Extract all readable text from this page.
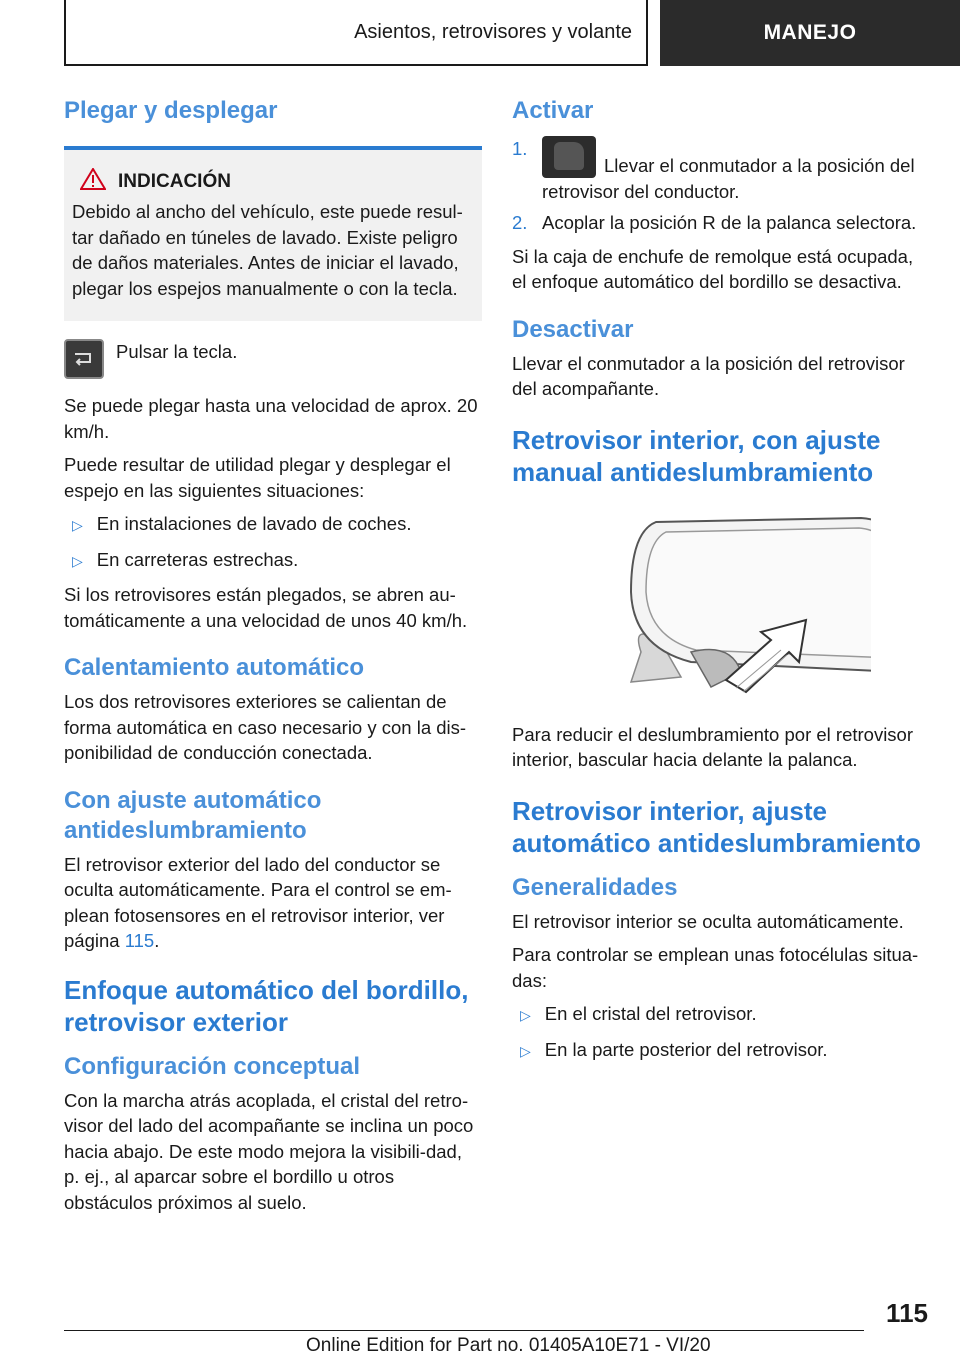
Asientos, retrovisores y volante	MANEJO
Plegar y desplegar
INDICACIÓN

Debido al ancho del vehículo, este puede resul-tar dañado en túneles de lavado. Existe peligro de daños materiales. Antes de iniciar el lavado, plegar los espejos manualmente o con la tecla.

Pulsar la tecla.

Se puede plegar hasta una velocidad de aprox. 20 km/h.

Puede resultar de utilidad plegar y desplegar el espejo en las siguientes situaciones:

▷ En instalaciones de lavado de coches.
▷ En carreteras estrechas.

Si los retrovisores están plegados, se abren au-tomáticamente a una velocidad de unos 40 km/h.

Calentamiento automático

Los dos retrovisores exteriores se calientan de forma automática en caso necesario y con la dis-ponibilidad de conducción conectada.

Con ajuste automático antideslumbramiento

El retrovisor exterior del lado del conductor se oculta automáticamente. Para el control se em-plean fotosensores en el retrovisor interior, ver página 115.

Enfoque automático del bordillo, retrovisor exterior
Configuración conceptual

Con la marcha atrás acoplada, el cristal del retro-visor del lado del acompañante se inclina un poco hacia abajo. De este modo mejora la visibili-dad, p. ej., al aparcar sobre el bordillo u otros obstáculos próximos al suelo.

Activar
1.
Llevar el conmutador a la posición del retrovisor del conductor.
2. Acoplar la posición R de la palanca selectora.

Si la caja de enchufe de remolque está ocupada, el enfoque automático del bordillo se desactiva.

Desactivar

Llevar el conmutador a la posición del retrovisor del acompañante.

Retrovisor interior, con ajuste manual antideslumbramiento

Para reducir el deslumbramiento por el retrovisor interior, bascular hacia delante la palanca.

Retrovisor interior, ajuste automático antideslumbramiento
Generalidades

El retrovisor interior se oculta automáticamente.

Para controlar se emplean unas fotocélulas situa-das:

▷ En el cristal del retrovisor.
▷ En la parte posterior del retrovisor.
115
Online Edition for Part no. 01405A10E71 - VI/20
